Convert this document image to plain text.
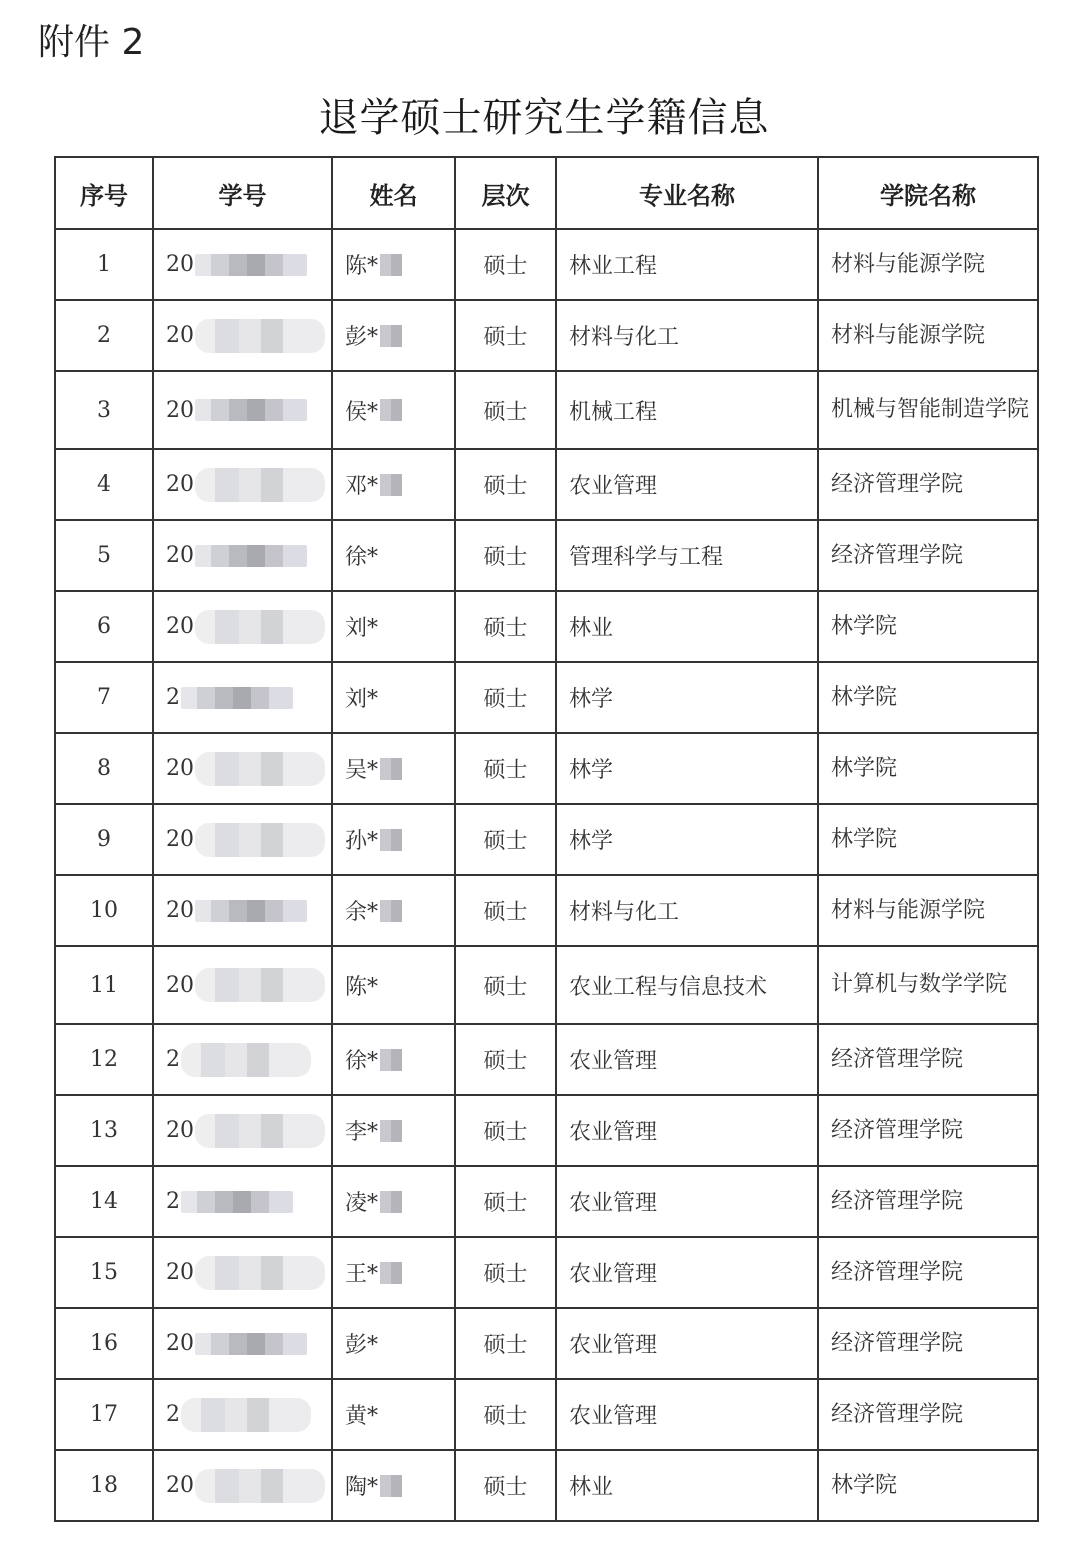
附件 2
退学硕士研究生学籍信息
序号	学号	姓名	层次	专业名称	学院名称
1	20	陈*	硕士	林业工程	材料与能源学院
2	20	彭*	硕士	材料与化工	材料与能源学院
3	20	侯*	硕士	机械工程	机械与智能制造学院
4	20	邓*	硕士	农业管理	经济管理学院
5	20	徐*	硕士	管理科学与工程	经济管理学院
6	20	刘*	硕士	林业	林学院
7	2	刘*	硕士	林学	林学院
8	20	吴*	硕士	林学	林学院
9	20	孙*	硕士	林学	林学院
10	20	余*	硕士	材料与化工	材料与能源学院
11	20	陈*	硕士	农业工程与信息技术	计算机与数学学院
12	2	徐*	硕士	农业管理	经济管理学院
13	20	李*	硕士	农业管理	经济管理学院
14	2	凌*	硕士	农业管理	经济管理学院
15	20	王*	硕士	农业管理	经济管理学院
16	20	彭*	硕士	农业管理	经济管理学院
17	2	黄*	硕士	农业管理	经济管理学院
18	20	陶*	硕士	林业	林学院
